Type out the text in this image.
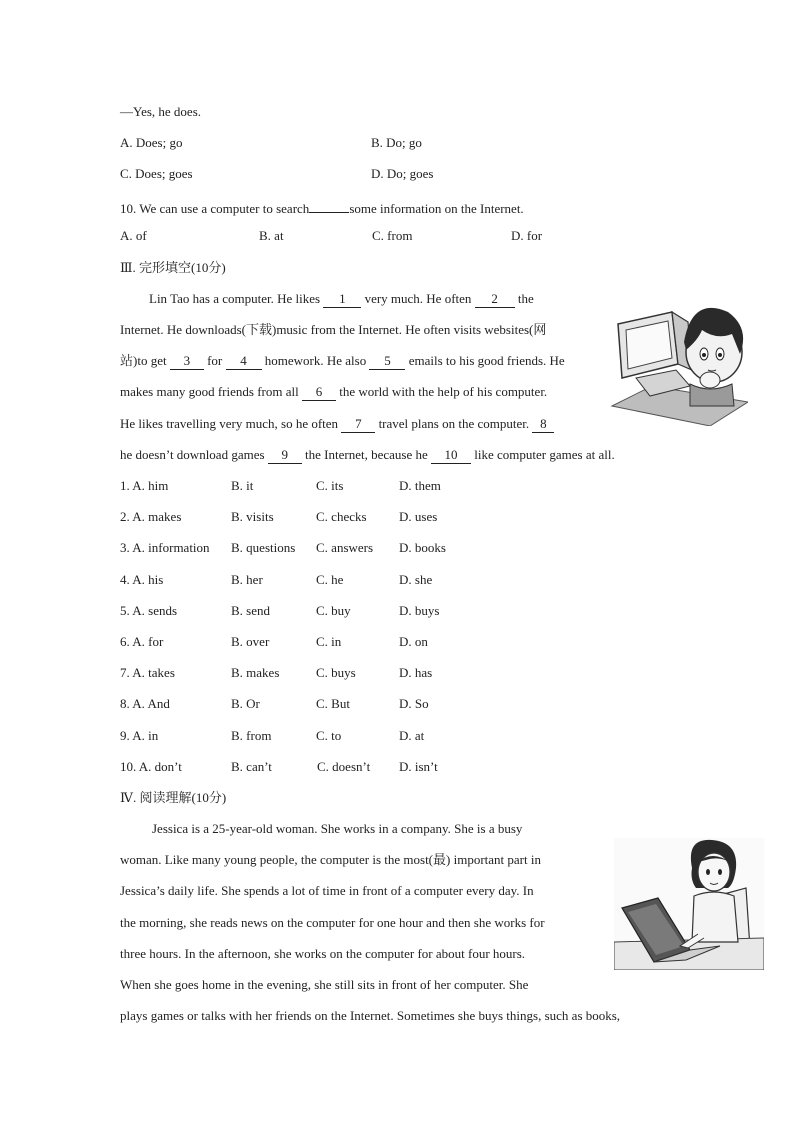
—Yes, he does.
A. Does; go	B. Do; go
C. Does; goes	D. Do; goes
10. We can use a computer to search	some information on the Internet.
A. of	B. at	C. from	D. for
Ⅲ. 完形填空(10分)
Lin Tao has a computer. He likes 1 very much. He often 2 the
Internet. He downloads(下载)music from the Internet. He often visits websites(网
站)to get 3 for 4 homework. He also 5 emails to his good friends. He
makes many good friends from all 6 the world with the help of his computer.
He likes travelling very much, so he often 7 travel plans on the computer. 8
he doesn’t download games 9 the Internet, because he 10 like computer games at all.
1. A. him	B. it	C. its	D. them
2. A. makes	B. visits	C. checks D. uses
3. A. information B. questions C. answers D. books
4. A. his	B. her	C. he	D. she
5. A. sends	B. send	C. buy	D. buys
6. A. for	B. over	C. in	D. on
7. A. takes	B. makes	C. buys	D. has
8. A. And	B. Or	C. But	D. So
9. A. in	B. from	C. to	D. at
10. A. don’t	B. can’t	C. doesn’t D. isn’t
Ⅳ. 阅读理解(10分)
Jessica is a 25-year-old woman. She works in a company. She is a busy
woman. Like many young people, the computer is the most(最) important part in
Jessica’s daily life. She spends a lot of time in front of a computer every day. In
the morning, she reads news on the computer for one hour and then she works for
three hours. In the afternoon, she works on the computer for about four hours.
When she goes home in the evening, she still sits in front of her computer. She
plays games or talks with her friends on the Internet. Sometimes she buys things, such as books,
